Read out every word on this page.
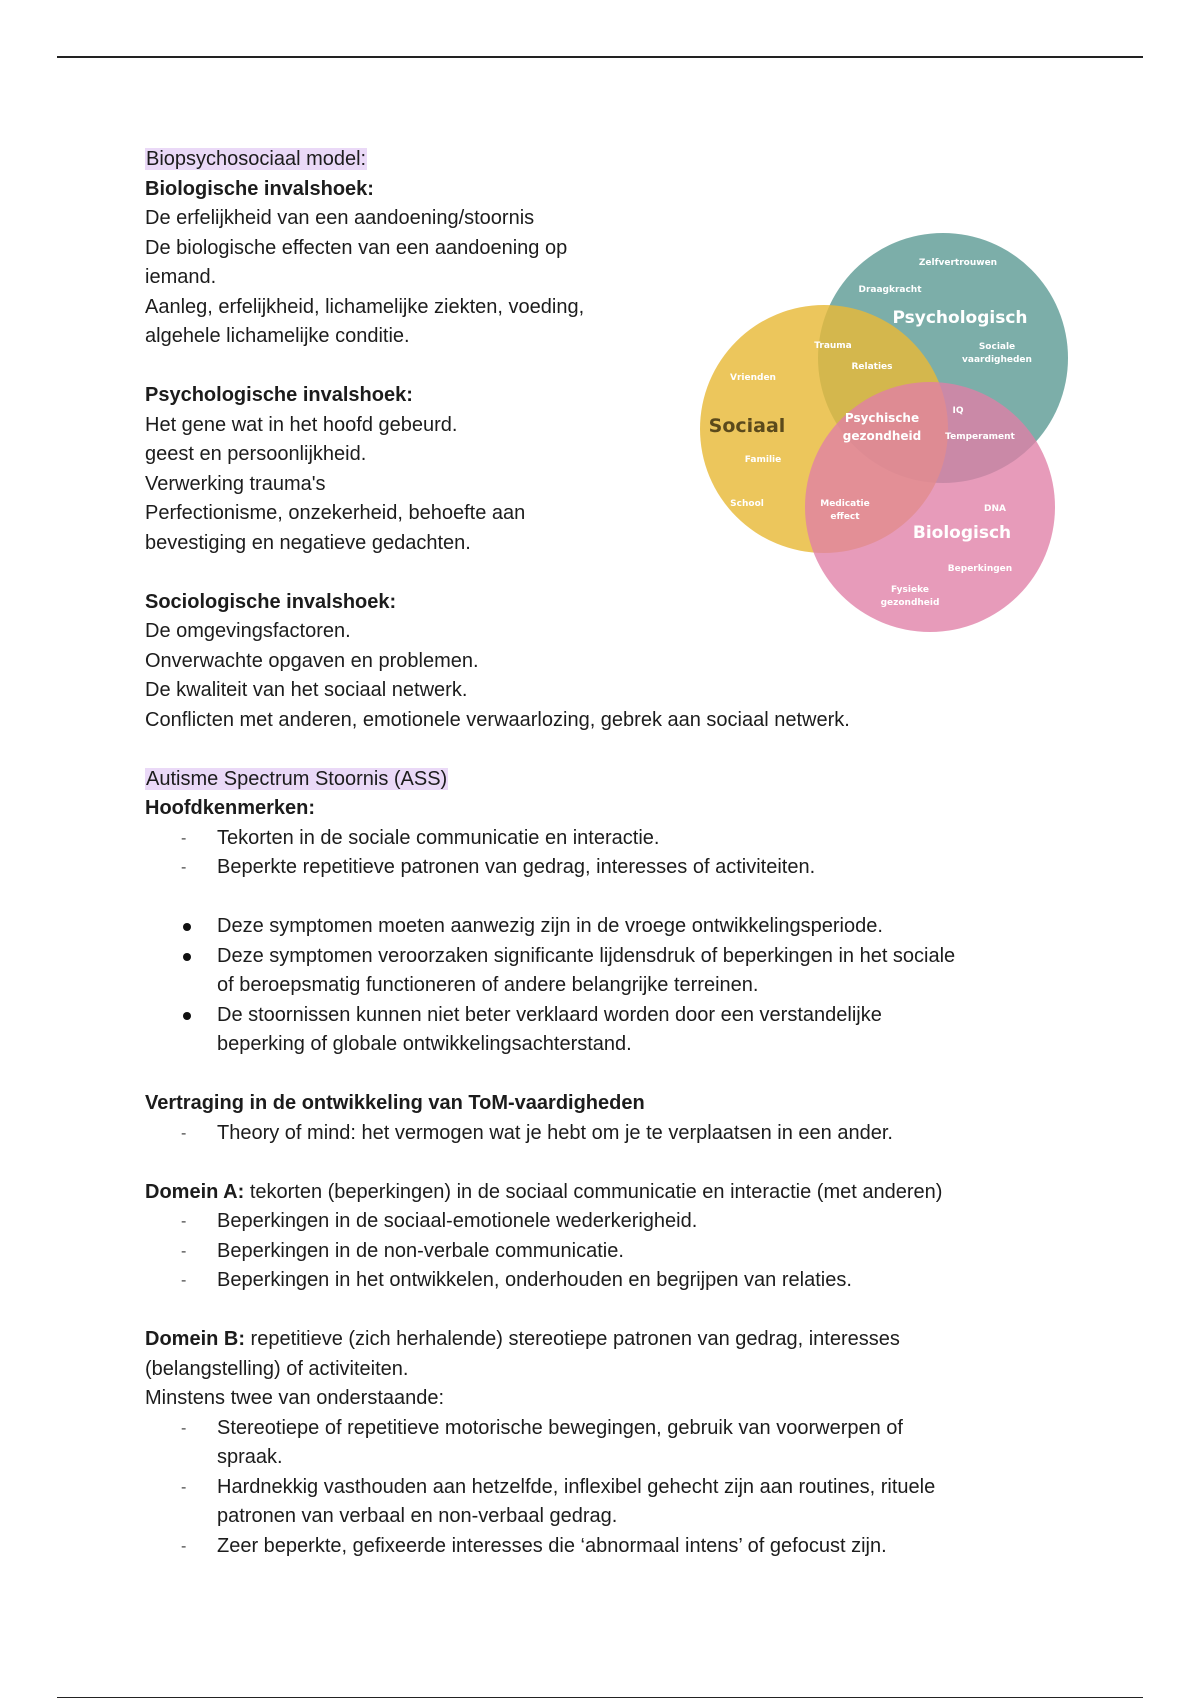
Biopsychosociaal model:
Biologische invalshoek:
De erfelijkheid van een aandoening/stoornis
De biologische effecten van een aandoening op
iemand.
Aanleg, erfelijkheid, lichamelijke ziekten, voeding,
algehele lichamelijke conditie.
Psychologische invalshoek:
Het gene wat in het hoofd gebeurd.
geest en persoonlijkheid.
Verwerking trauma's
Perfectionisme, onzekerheid, behoefte aan
bevestiging en negatieve gedachten.
Sociologische invalshoek:
De omgevingsfactoren.
Onverwachte opgaven en problemen.
De kwaliteit van het sociaal netwerk.
Conflicten met anderen, emotionele verwaarlozing, gebrek aan sociaal netwerk.
Autisme Spectrum Stoornis (ASS)
Hoofdkenmerken:
-	Tekorten in de sociale communicatie en interactie.
-	Beperkte repetitieve patronen van gedrag, interesses of activiteiten.
Deze symptomen moeten aanwezig zijn in de vroege ontwikkelingsperiode.
Deze symptomen veroorzaken significante lijdensdruk of beperkingen in het sociale
of beroepsmatig functioneren of andere belangrijke terreinen.
De stoornissen kunnen niet beter verklaard worden door een verstandelijke
beperking of globale ontwikkelingsachterstand.
Vertraging in de ontwikkeling van ToM-vaardigheden
-	Theory of mind: het vermogen wat je hebt om je te verplaatsen in een ander.
Domein A: tekorten (beperkingen) in de sociaal communicatie en interactie (met anderen)
-	Beperkingen in de sociaal-emotionele wederkerigheid.
-	Beperkingen in de non-verbale communicatie.
-	Beperkingen in het ontwikkelen, onderhouden en begrijpen van relaties.
Domein B: repetitieve (zich herhalende) stereotiepe patronen van gedrag, interesses
(belangstelling) of activiteiten.
Minstens twee van onderstaande:
-	Stereotiepe of repetitieve motorische bewegingen, gebruik van voorwerpen of
spraak.
-	Hardnekkig vasthouden aan hetzelfde, inflexibel gehecht zijn aan routines, rituele
patronen van verbaal en non-verbaal gedrag.
-	Zeer beperkte, gefixeerde interesses die ‘abnormaal intens’ of gefocust zijn.
Zelfvertrouwen
Draagkracht
Sociale
vaardigheden
Vrienden
Familie
School
Trauma
Relaties
IQ
Temperament
Medicatie
effect
DNA
Beperkingen
Fysieke
gezondheid
Psychische
gezondheid
Psychologisch
Sociaal
Biologisch
